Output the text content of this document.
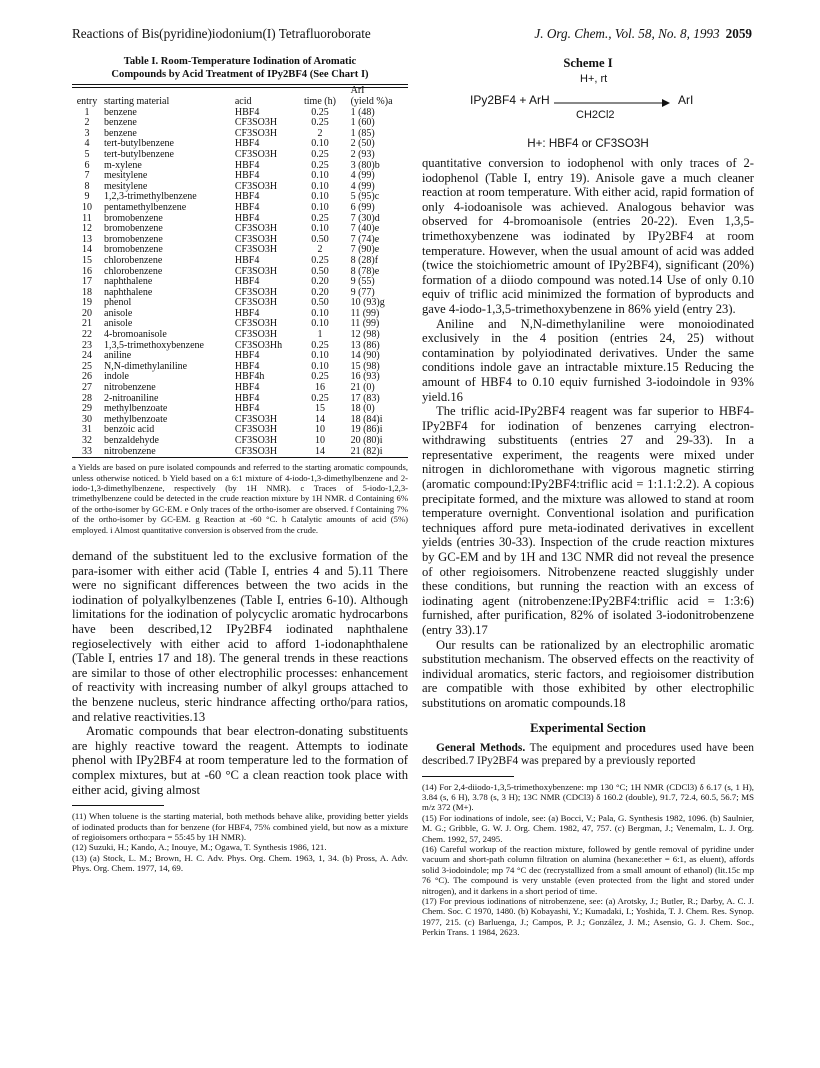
Reactions of Bis(pyridine)iodonium(I) Tetrafluoroborate	J. Org. Chem., Vol. 58, No. 8, 1993 2059
Table I. Room-Temperature Iodination of Aromatic
Compounds by Acid Treatment of IPy2BF4 (See Chart I)
				ArI
entry	starting material	acid	time (h)	(yield %)a
1	benzene	HBF4	0.25	1 (48)
2	benzene	CF3SO3H	0.25	1 (60)
3	benzene	CF3SO3H	2	1 (85)
4	tert-butylbenzene	HBF4	0.10	2 (50)
5	tert-butylbenzene	CF3SO3H	0.25	2 (93)
6	m-xylene	HBF4	0.25	3 (80)b
7	mesitylene	HBF4	0.10	4 (99)
8	mesitylene	CF3SO3H	0.10	4 (99)
9	1,2,3-trimethylbenzene	HBF4	0.10	5 (95)c
10	pentamethylbenzene	HBF4	0.10	6 (99)
11	bromobenzene	HBF4	0.25	7 (30)d
12	bromobenzene	CF3SO3H	0.10	7 (40)e
13	bromobenzene	CF3SO3H	0.50	7 (74)e
14	bromobenzene	CF3SO3H	2	7 (90)e
15	chlorobenzene	HBF4	0.25	8 (28)f
16	chlorobenzene	CF3SO3H	0.50	8 (78)e
17	naphthalene	HBF4	0.20	9 (55)
18	naphthalene	CF3SO3H	0.20	9 (77)
19	phenol	CF3SO3H	0.50	10 (93)g
20	anisole	HBF4	0.10	11 (99)
21	anisole	CF3SO3H	0.10	11 (99)
22	4-bromoanisole	CF3SO3H	1	12 (98)
23	1,3,5-trimethoxybenzene	CF3SO3Hh	0.25	13 (86)
24	aniline	HBF4	0.10	14 (90)
25	N,N-dimethylaniline	HBF4	0.10	15 (98)
26	indole	HBF4h	0.25	16 (93)
27	nitrobenzene	HBF4	16	21 (0)
28	2-nitroaniline	HBF4	0.25	17 (83)
29	methylbenzoate	HBF4	15	18 (0)
30	methylbenzoate	CF3SO3H	14	18 (84)i
31	benzoic acid	CF3SO3H	10	19 (86)i
32	benzaldehyde	CF3SO3H	10	20 (80)i
33	nitrobenzene	CF3SO3H	14	21 (82)i
a Yields are based on pure isolated compounds and referred to the starting aromatic compounds, unless otherwise noticed. b Yield based on a 6:1 mixture of 4-iodo-1,3-dimethylbenzene and 2-iodo-1,3-dimethylbenzene, respectively (by 1H NMR). c Traces of 5-iodo-1,2,3-trimethylbenzene could be detected in the crude reaction mixture by 1H NMR. d Containing 6% of the ortho-isomer by GC-EM. e Only traces of the ortho-isomer are observed. f Containing 7% of the ortho-isomer by GC-EM. g Reaction at -60 °C. h Catalytic amounts of acid (5%) employed. i Almost quantitative conversion is observed from the crude.

demand of the substituent led to the exclusive formation of the para-isomer with either acid (Table I, entries 4 and 5).11 There were no significant differences between the two acids in the iodination of polyalkylbenzenes (Table I, entries 6-10). Although limitations for the iodination of polycyclic aromatic hydrocarbons have been described,12 IPy2BF4 iodinated naphthalene regioselectively with either acid to afford 1-iodonaphthalene (Table I, entries 17 and 18). The general trends in these reactions are similar to those of other electrophilic processes: enhancement of reactivity with increasing number of alkyl groups attached to the benzene nucleus, steric hindrance affecting ortho/para ratios, and relative reactivities.13

Aromatic compounds that bear electron-donating substituents are highly reactive toward the reagent. Attempts to iodinate phenol with IPy2BF4 at room temperature led to the formation of complex mixtures, but at -60 °C a clean reaction took place with either acid, giving almost

(11) When toluene is the starting material, both methods behave alike, providing better yields of iodinated products than for benzene (for HBF4, 75% combined yield, but now as a mixture of regioisomers ortho:para = 55:45 by 1H NMR).

(12) Suzuki, H.; Kando, A.; Inouye, M.; Ogawa, T. Synthesis 1986, 121.

(13) (a) Stock, L. M.; Brown, H. C. Adv. Phys. Org. Chem. 1963, 1, 34. (b) Pross, A. Adv. Phys. Org. Chem. 1977, 14, 69.

Scheme I
IPy2BF4 + ArH
H+, rt
CH2Cl2
ArI
H+: HBF4 or CF3SO3H

quantitative conversion to iodophenol with only traces of 2-iodophenol (Table I, entry 19). Anisole gave a much cleaner reaction at room temperature. With either acid, rapid formation of only 4-iodoanisole was achieved. Analogous behavior was observed for 4-bromoanisole (entries 20-22). Even 1,3,5-trimethoxybenzene was iodinated by IPy2BF4 at room temperature. However, when the usual amount of acid was added (twice the stoichiometric amount of IPy2BF4), significant (20%) formation of a diiodo compound was noted.14 Use of only 0.10 equiv of triflic acid minimized the formation of byproducts and gave 4-iodo-1,3,5-trimethoxybenzene in 86% yield (entry 23).

Aniline and N,N-dimethylaniline were monoiodinated exclusively in the 4 position (entries 24, 25) without contamination by polyiodinated derivatives. Under the same conditions indole gave an intractable mixture.15 Reducing the amount of HBF4 to 0.10 equiv furnished 3-iodoindole in 93% yield.16

The triflic acid-IPy2BF4 reagent was far superior to HBF4-IPy2BF4 for iodination of benzenes carrying electron-withdrawing substituents (entries 27 and 29-33). In a representative experiment, the reagents were mixed under nitrogen in dichloromethane with vigorous magnetic stirring (aromatic compound:IPy2BF4:triflic acid = 1:1.1:2.2). A copious precipitate formed, and the mixture was allowed to stand at room temperature overnight. Conventional isolation and purification techniques afford pure meta-iodinated derivatives in excellent yields (entries 30-33). Inspection of the crude reaction mixtures by GC-EM and by 1H and 13C NMR did not reveal the presence of other regioisomers. Nitrobenzene reacted sluggishly under these conditions, but running the reaction with an excess of iodinating agent (nitrobenzene:IPy2BF4:triflic acid = 1:3:6) furnished, after purification, 82% of isolated 3-iodonitrobenzene (entry 33).17

Our results can be rationalized by an electrophilic aromatic substitution mechanism. The observed effects on the reactivity of individual aromatics, steric factors, and regioisomer distribution are compatible with those exhibited by other electrophilic substitutions on aromatic compounds.18

Experimental Section

General Methods. The equipment and procedures used have been described.7 IPy2BF4 was prepared by a previously reported

(14) For 2,4-diiodo-1,3,5-trimethoxybenzene: mp 130 °C; 1H NMR (CDCl3) δ 6.17 (s, 1 H), 3.84 (s, 6 H), 3.78 (s, 3 H); 13C NMR (CDCl3) δ 160.2 (double), 91.7, 72.4, 60.5, 56.7; MS m/z 372 (M+).

(15) For iodinations of indole, see: (a) Bocci, V.; Pala, G. Synthesis 1982, 1096. (b) Saulnier, M. G.; Gribble, G. W. J. Org. Chem. 1982, 47, 757. (c) Bergman, J.; Venemalm, L. J. Org. Chem. 1992, 57, 2495.

(16) Careful workup of the reaction mixture, followed by gentle removal of pyridine under vacuum and short-path column filtration on alumina (hexane:ether = 6:1, as eluent), affords solid 3-iodoindole; mp 74 °C dec (recrystallized from a small amount of ethanol) (lit.15c mp 76 °C). The compound is very unstable (even protected from the light and stored under nitrogen), and it darkens in a short period of time.

(17) For previous iodinations of nitrobenzene, see: (a) Arotsky, J.; Butler, R.; Darby, A. C. J. Chem. Soc. C 1970, 1480. (b) Kobayashi, Y.; Kumadaki, I.; Yoshida, T. J. Chem. Res. Synop. 1977, 215. (c) Barluenga, J.; Campos, P. J.; González, J. M.; Asensio, G. J. Chem. Soc., Perkin Trans. 1 1984, 2623.
